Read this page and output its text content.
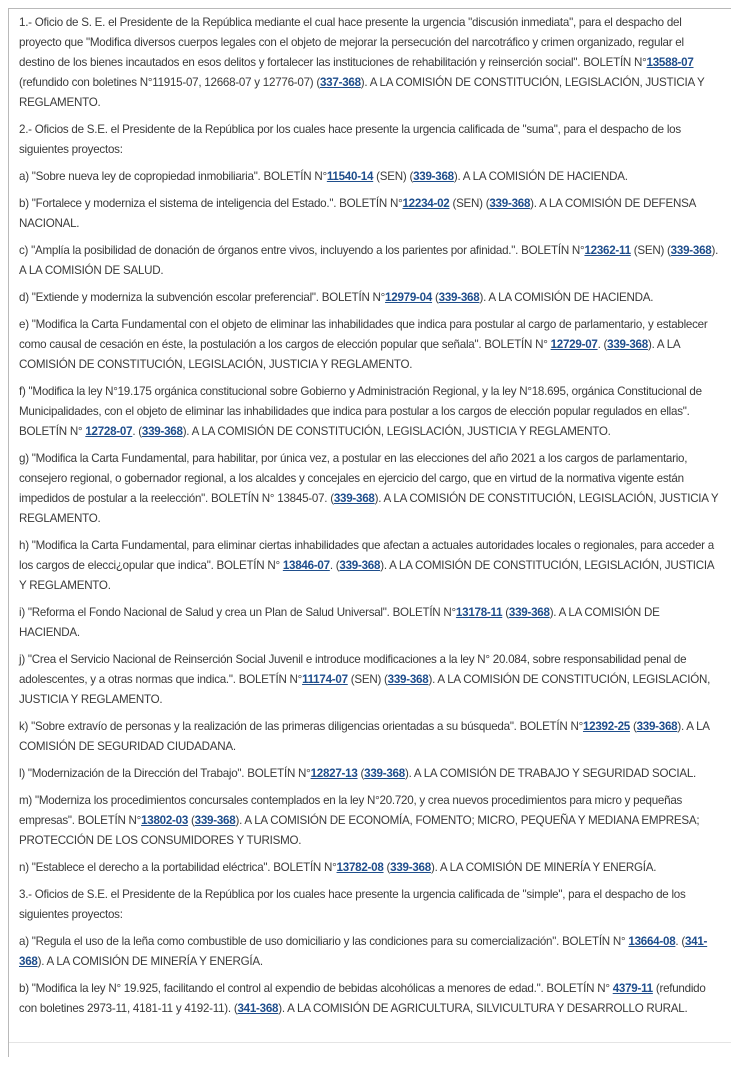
1.- Oficio de S. E. el Presidente de la República mediante el cual hace presente la urgencia "discusión inmediata", para el despacho del proyecto que "Modifica diversos cuerpos legales con el objeto de mejorar la persecución del narcotráfico y crimen organizado, regular el destino de los bienes incautados en esos delitos y fortalecer las instituciones de rehabilitación y reinserción social". BOLETÍN N°13588-07 (refundido con boletines N°11915-07, 12668-07 y 12776-07) (337-368). A LA COMISIÓN DE CONSTITUCIÓN, LEGISLACIÓN, JUSTICIA Y REGLAMENTO.

2.- Oficios de S.E. el Presidente de la República por los cuales hace presente la urgencia calificada de "suma", para el despacho de los siguientes proyectos:

a) "Sobre nueva ley de copropiedad inmobiliaria". BOLETÍN N°11540-14 (SEN) (339-368). A LA COMISIÓN DE HACIENDA.

b) "Fortalece y moderniza el sistema de inteligencia del Estado.". BOLETÍN N°12234-02 (SEN) (339-368). A LA COMISIÓN DE DEFENSA NACIONAL.

c) "Amplía la posibilidad de donación de órganos entre vivos, incluyendo a los parientes por afinidad.". BOLETÍN N°12362-11 (SEN) (339-368). A LA COMISIÓN DE SALUD.

d) "Extiende y moderniza la subvención escolar preferencial". BOLETÍN N°12979-04 (339-368). A LA COMISIÓN DE HACIENDA.

e) "Modifica la Carta Fundamental con el objeto de eliminar las inhabilidades que indica para postular al cargo de parlamentario, y establecer como causal de cesación en éste, la postulación a los cargos de elección popular que señala". BOLETÍN N° 12729-07. (339-368). A LA COMISIÓN DE CONSTITUCIÓN, LEGISLACIÓN, JUSTICIA Y REGLAMENTO.

f) "Modifica la ley N°19.175 orgánica constitucional sobre Gobierno y Administración Regional, y la ley N°18.695, orgánica Constitucional de Municipalidades, con el objeto de eliminar las inhabilidades que indica para postular a los cargos de elección popular regulados en ellas". BOLETÍN N° 12728-07. (339-368). A LA COMISIÓN DE CONSTITUCIÓN, LEGISLACIÓN, JUSTICIA Y REGLAMENTO.

g) "Modifica la Carta Fundamental, para habilitar, por única vez, a postular en las elecciones del año 2021 a los cargos de parlamentario, consejero regional, o gobernador regional, a los alcaldes y concejales en ejercicio del cargo, que en virtud de la normativa vigente están impedidos de postular a la reelección". BOLETÍN N° 13845-07. (339-368). A LA COMISIÓN DE CONSTITUCIÓN, LEGISLACIÓN, JUSTICIA Y REGLAMENTO.

h) "Modifica la Carta Fundamental, para eliminar ciertas inhabilidades que afectan a actuales autoridades locales o regionales, para acceder a los cargos de elecci¿opular que indica". BOLETÍN N° 13846-07. (339-368). A LA COMISIÓN DE CONSTITUCIÓN, LEGISLACIÓN, JUSTICIA Y REGLAMENTO.

i) "Reforma el Fondo Nacional de Salud y crea un Plan de Salud Universal". BOLETÍN N°13178-11 (339-368). A LA COMISIÓN DE HACIENDA.

j) "Crea el Servicio Nacional de Reinserción Social Juvenil e introduce modificaciones a la ley N° 20.084, sobre responsabilidad penal de adolescentes, y a otras normas que indica.". BOLETÍN N°11174-07 (SEN) (339-368). A LA COMISIÓN DE CONSTITUCIÓN, LEGISLACIÓN, JUSTICIA Y REGLAMENTO.

k) "Sobre extravío de personas y la realización de las primeras diligencias orientadas a su búsqueda". BOLETÍN N°12392-25 (339-368). A LA COMISIÓN DE SEGURIDAD CIUDADANA.

l) "Modernización de la Dirección del Trabajo". BOLETÍN N°12827-13 (339-368). A LA COMISIÓN DE TRABAJO Y SEGURIDAD SOCIAL.

m) "Moderniza los procedimientos concursales contemplados en la ley N°20.720, y crea nuevos procedimientos para micro y pequeñas empresas". BOLETÍN N°13802-03 (339-368). A LA COMISIÓN DE ECONOMÍA, FOMENTO; MICRO, PEQUEÑA Y MEDIANA EMPRESA; PROTECCIÓN DE LOS CONSUMIDORES Y TURISMO.

n) "Establece el derecho a la portabilidad eléctrica". BOLETÍN N°13782-08 (339-368). A LA COMISIÓN DE MINERÍA Y ENERGÍA.

3.- Oficios de S.E. el Presidente de la República por los cuales hace presente la urgencia calificada de "simple", para el despacho de los siguientes proyectos:

a) "Regula el uso de la leña como combustible de uso domiciliario y las condiciones para su comercialización". BOLETÍN N° 13664-08. (341-368). A LA COMISIÓN DE MINERÍA Y ENERGÍA.

b) "Modifica la ley N° 19.925, facilitando el control al expendio de bebidas alcohólicas a menores de edad.". BOLETÍN N° 4379-11 (refundido con boletines 2973-11, 4181-11 y 4192-11). (341-368). A LA COMISIÓN DE AGRICULTURA, SILVICULTURA Y DESARROLLO RURAL.
